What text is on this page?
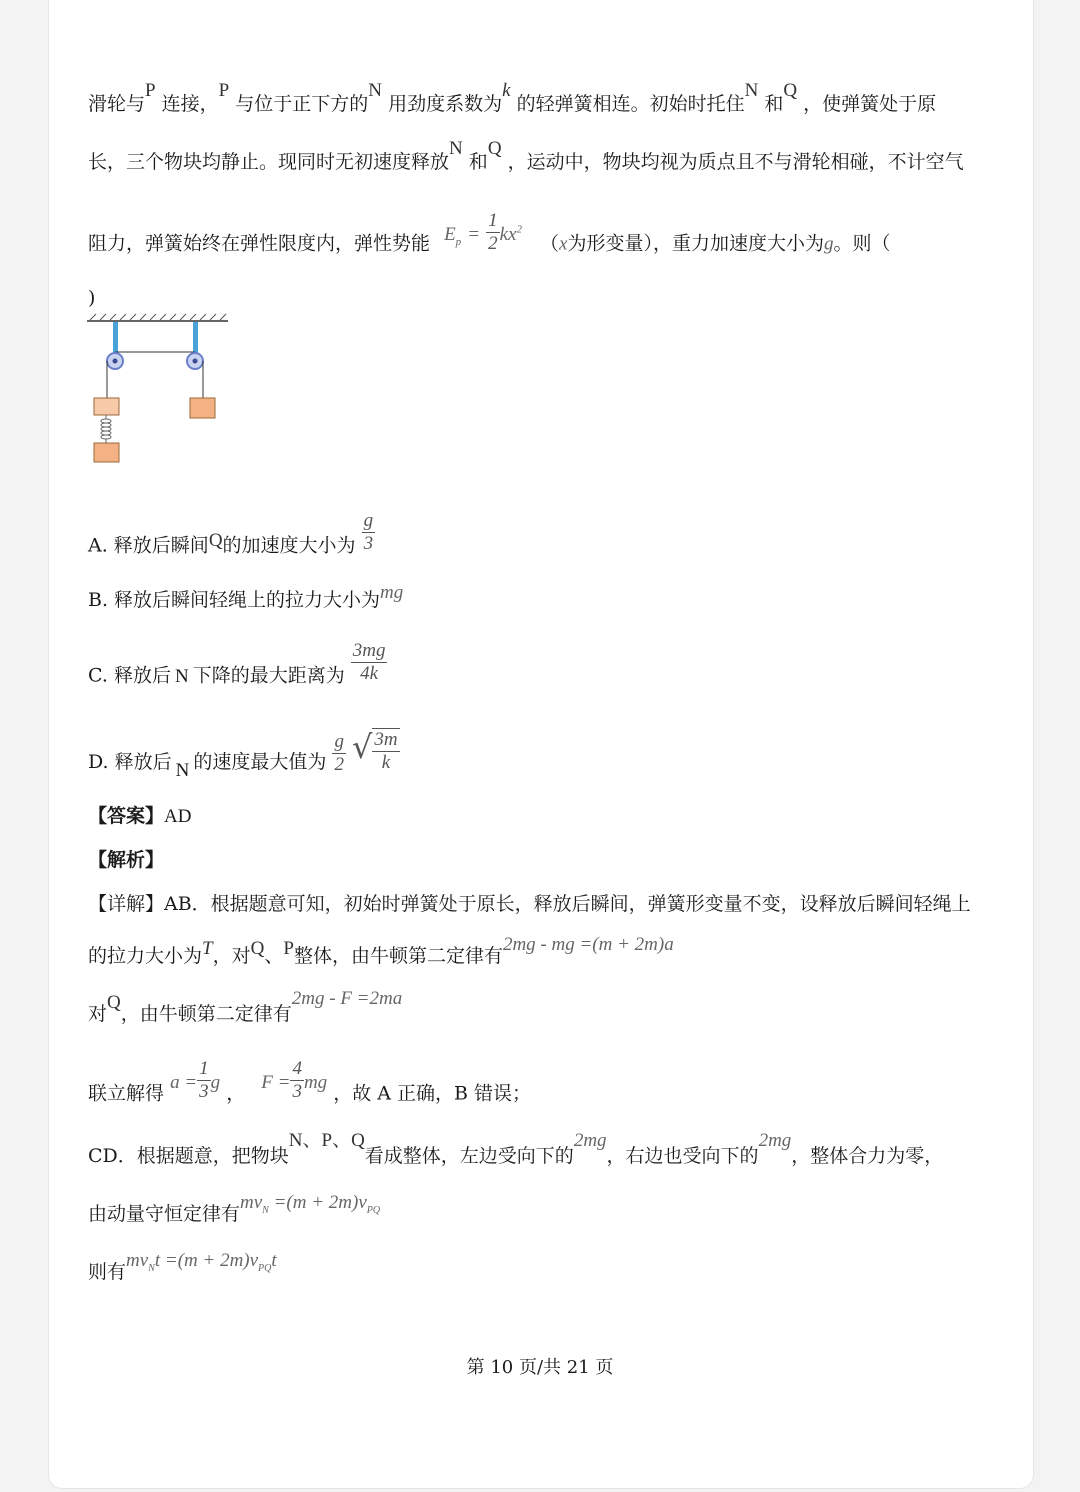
滑轮与P 连接，P 与位于正下方的N 用劲度系数为k 的轻弹簧相连。初始时托住N 和Q ，使弹簧处于原
长，三个物块均静止。现同时无初速度释放N 和Q ，运动中，物块均视为质点且不与滑轮相碰，不计空气
阻力，弹簧始终在弹性限度内，弹性势能 $E_p = \frac{1}{2} kx^2$ （x为形变量），重力加速度大小为g。则（
)
A. 释放后瞬间Q的加速度大小为 $\frac{g}{3}$
B. 释放后瞬间轻绳上的拉力大小为mg
C. 释放后 N 下降的最大距离为 $\frac{3mg}{4k}$
D. 释放后 N 的速度最大值为 $\frac{g}{2}$ √ $\frac{3m}{k}$
【答案】AD
【解析】
【详解】AB．根据题意可知，初始时弹簧处于原长，释放后瞬间，弹簧形变量不变，设释放后瞬间轻绳上
的拉力大小为T，对Q、P整体，由牛顿第二定律有2mg - mg =(m + 2m)a
对Q，由牛顿第二定律有2mg - F =2ma
联立解得 $a = \frac{1}{3}$ g ， $F = \frac{4}{3}$ mg ，故 A 正确，B 错误；
CD．根据题意，把物块N、P、Q看成整体，左边受向下的2mg，右边也受向下的2mg，整体合力为零，
由动量守恒定律有$mv_N =(m + 2m)v_{PQ}$
则有$mv_Nt =(m + 2m)v_{PQ}t$
第 10 页/共 21 页
